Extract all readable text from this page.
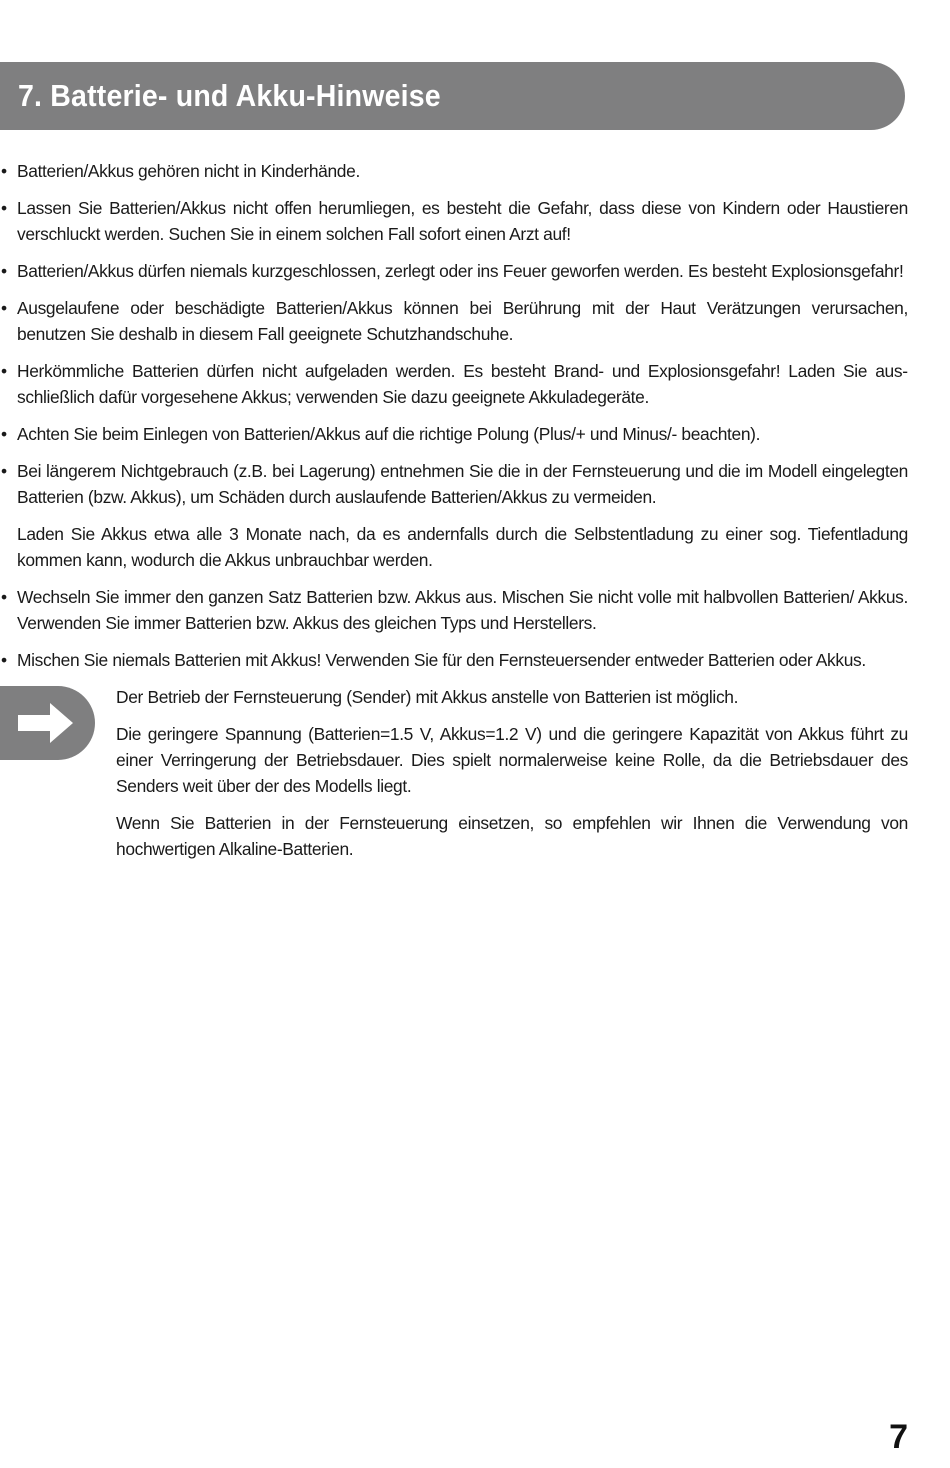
7. Batterie- und Akku-Hinweise
• Batterien/Akkus gehören nicht in Kinderhände.
• Lassen Sie Batterien/Akkus nicht offen herumliegen, es besteht die Gefahr, dass diese von Kindern oder Haustieren verschluckt werden. Suchen Sie in einem solchen Fall sofort einen Arzt auf!
• Batterien/Akkus dürfen niemals kurzgeschlossen, zerlegt oder ins Feuer geworfen werden. Es besteht Explosionsgefahr!
• Ausgelaufene oder beschädigte Batterien/Akkus können bei Berührung mit der Haut Verätzungen verursachen, benutzen Sie deshalb in diesem Fall geeignete Schutzhandschuhe.
• Herkömmliche Batterien dürfen nicht aufgeladen werden. Es besteht Brand- und Explosionsgefahr! Laden Sie ausschließlich dafür vorgesehene Akkus; verwenden Sie dazu geeignete Akkuladegeräte.
• Achten Sie beim Einlegen von Batterien/Akkus auf die richtige Polung (Plus/+ und Minus/- beachten).
• Bei längerem Nichtgebrauch (z.B. bei Lagerung) entnehmen Sie die in der Fernsteuerung und die im Modell eingelegten Batterien (bzw. Akkus), um Schäden durch auslaufende Batterien/Akkus zu vermeiden.

Laden Sie Akkus etwa alle 3 Monate nach, da es andernfalls durch die Selbstentladung zu einer sog. Tiefentladung kommen kann, wodurch die Akkus unbrauchbar werden.

• Wechseln Sie immer den ganzen Satz Batterien bzw. Akkus aus. Mischen Sie nicht volle mit halbvollen Batterien/ Akkus. Verwenden Sie immer Batterien bzw. Akkus des gleichen Typs und Herstellers.
• Mischen Sie niemals Batterien mit Akkus! Verwenden Sie für den Fernsteuersender entweder Batterien oder Akkus.

Der Betrieb der Fernsteuerung (Sender) mit Akkus anstelle von Batterien ist möglich.

Die geringere Spannung (Batterien=1.5 V, Akkus=1.2 V) und die geringere Kapazität von Akkus führt zu einer Verringerung der Betriebsdauer. Dies spielt normalerweise keine Rolle, da die Betriebsdauer des Senders weit über der des Modells liegt.

Wenn Sie Batterien in der Fernsteuerung einsetzen, so empfehlen wir Ihnen die Verwendung von hochwertigen Alkaline-Batterien.

7
